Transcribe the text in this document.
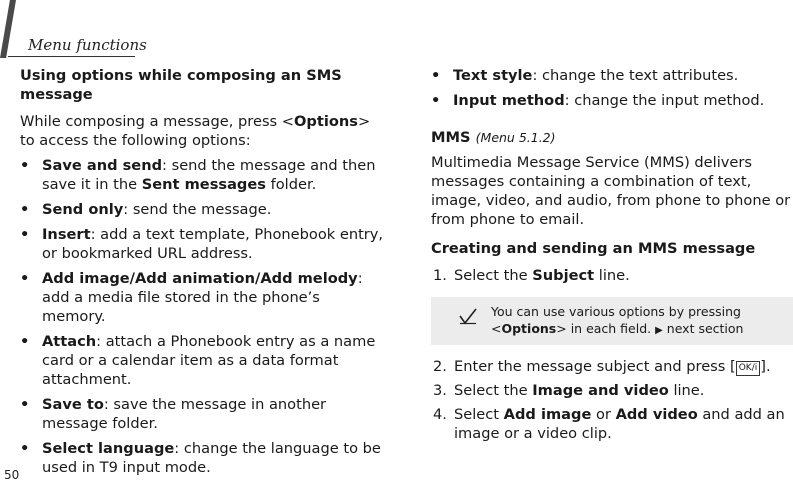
Menu functions
Using options while composing an SMS message

While composing a message, press <Options> to access the following options:

• Save and send: send the message and then save it in the Sent messages folder.
• Send only: send the message.
• Insert: add a text template, Phonebook entry, or bookmarked URL address.
• Add image/Add animation/Add melody: add a media file stored in the phone’s memory.
• Attach: attach a Phonebook entry as a name card or a calendar item as a data format attachment.
• Save to: save the message in another message folder.
• Select language: change the language to be used in T9 input mode.
• Text style: change the text attributes.
• Input method: change the input method.
MMS (Menu 5.1.2)

Multimedia Message Service (MMS) delivers messages containing a combination of text, image, video, and audio, from phone to phone or from phone to email.

Creating and sending an MMS message
1. Select the Subject line.
You can use various options by pressing <Options> in each field. ▶ next section
2. Enter the message subject and press [ OK/i ].
3. Select the Image and video line.
4. Select Add image or Add video and add an image or a video clip.
50
